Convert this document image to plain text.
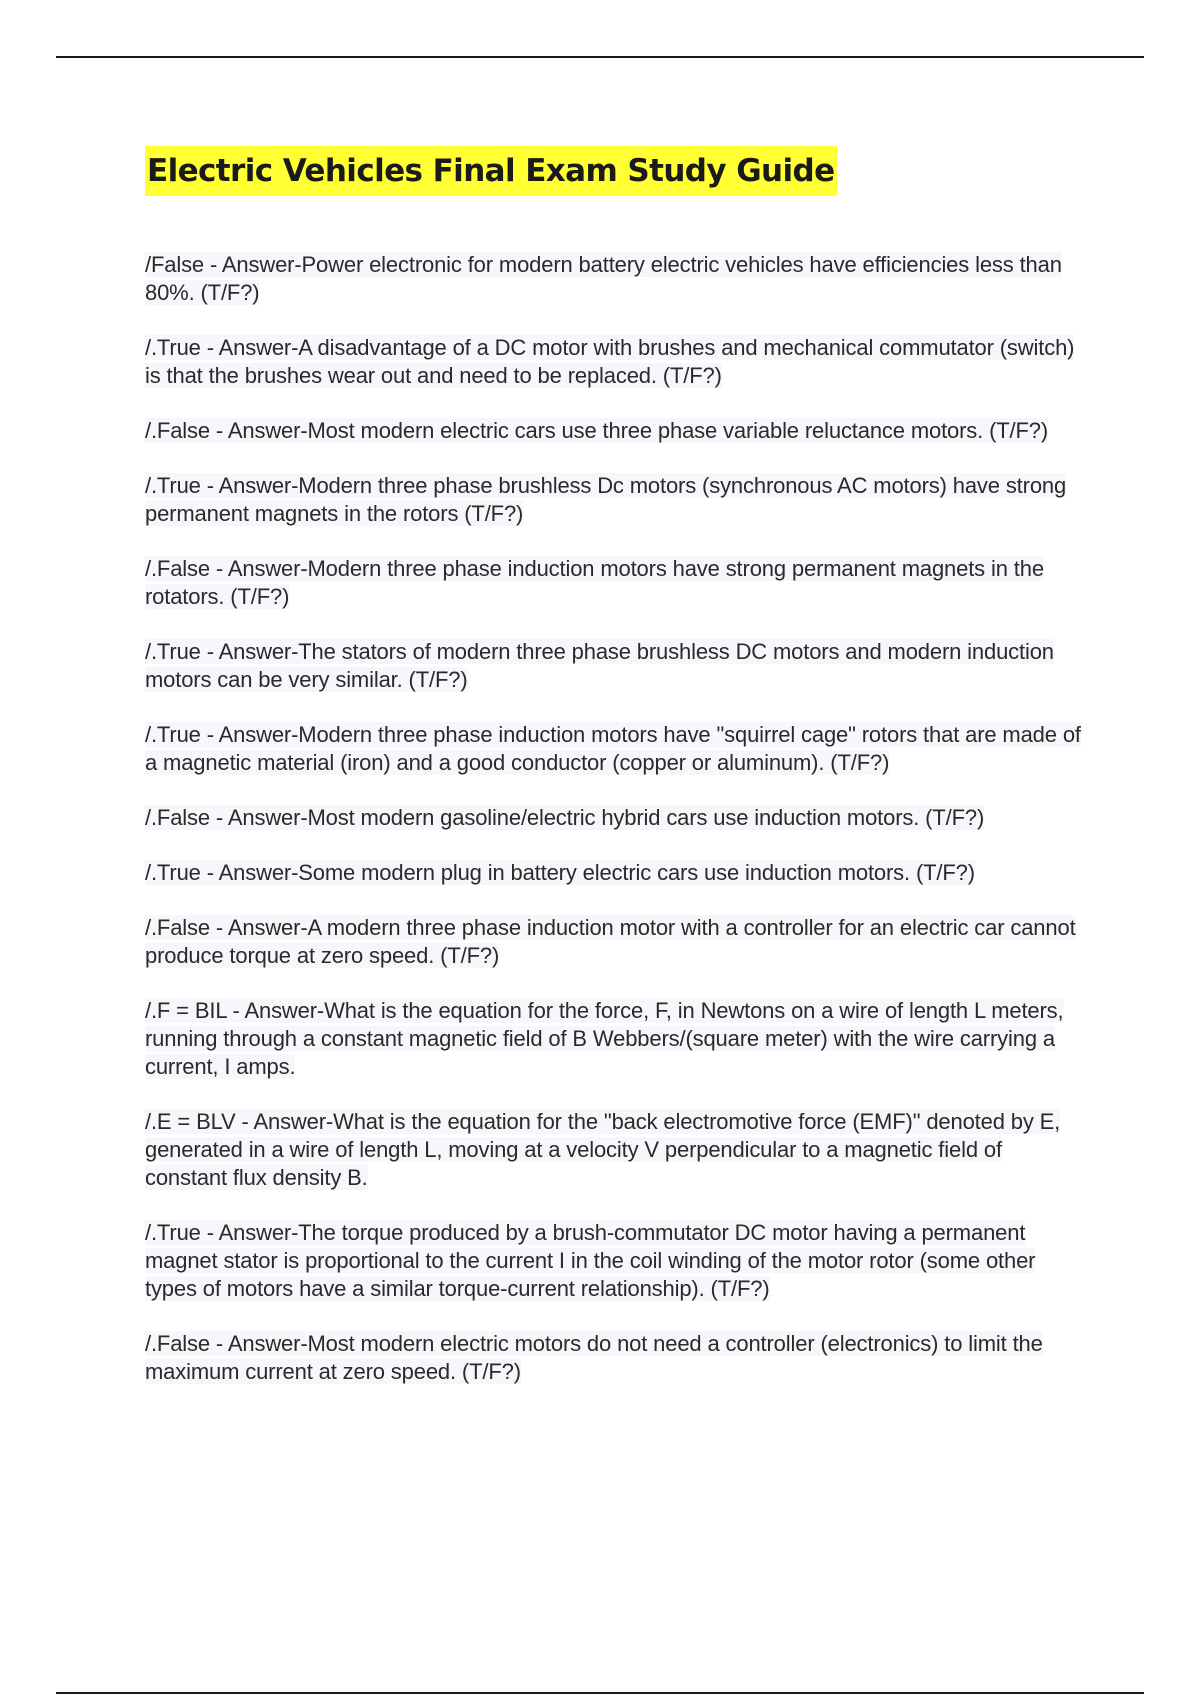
Electric Vehicles Final Exam Study Guide
/False - Answer-Power electronic for modern battery electric vehicles have efficiencies less than 80%. (T/F?)
/.True - Answer-A disadvantage of a DC motor with brushes and mechanical commutator (switch) is that the brushes wear out and need to be replaced. (T/F?)
/.False - Answer-Most modern electric cars use three phase variable reluctance motors. (T/F?)
/.True - Answer-Modern three phase brushless Dc motors (synchronous AC motors) have strong permanent magnets in the rotors (T/F?)
/.False - Answer-Modern three phase induction motors have strong permanent magnets in the rotators. (T/F?)
/.True - Answer-The stators of modern three phase brushless DC motors and modern induction motors can be very similar. (T/F?)
/.True - Answer-Modern three phase induction motors have "squirrel cage" rotors that are made of a magnetic material (iron) and a good conductor (copper or aluminum). (T/F?)
/.False - Answer-Most modern gasoline/electric hybrid cars use induction motors. (T/F?)
/.True - Answer-Some modern plug in battery electric cars use induction motors. (T/F?)
/.False - Answer-A modern three phase induction motor with a controller for an electric car cannot produce torque at zero speed. (T/F?)
/.F = BIL - Answer-What is the equation for the force, F, in Newtons on a wire of length L meters, running through a constant magnetic field of B Webbers/(square meter) with the wire carrying a current, I amps.
/.E = BLV - Answer-What is the equation for the "back electromotive force (EMF)" denoted by E, generated in a wire of length L, moving at a velocity V perpendicular to a magnetic field of constant flux density B.
/.True - Answer-The torque produced by a brush-commutator DC motor having a permanent magnet stator is proportional to the current I in the coil winding of the motor rotor (some other types of motors have a similar torque-current relationship). (T/F?)
/.False - Answer-Most modern electric motors do not need a controller (electronics) to limit the maximum current at zero speed. (T/F?)
